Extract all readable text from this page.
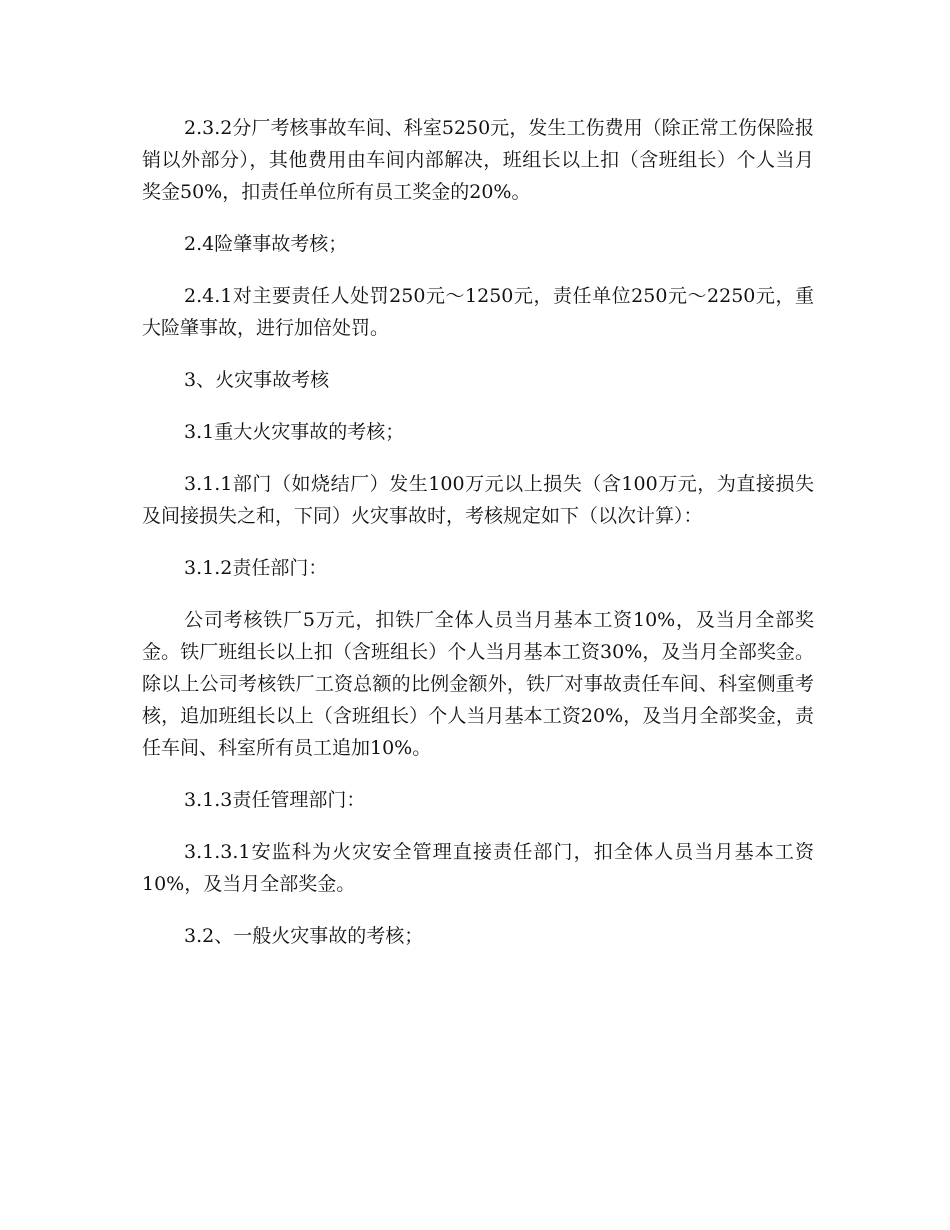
2.3.2分厂考核事故车间、科室5250元，发生工伤费用（除正常工伤保险报销以外部分），其他费用由车间内部解决，班组长以上扣（含班组长）个人当月奖金50%，扣责任单位所有员工奖金的20%。

2.4险肇事故考核；

2.4.1对主要责任人处罚250元～1250元，责任单位250元～2250元，重大险肇事故，进行加倍处罚。

3、火灾事故考核

3.1重大火灾事故的考核；

3.1.1部门（如烧结厂）发生100万元以上损失（含100万元，为直接损失及间接损失之和，下同）火灾事故时，考核规定如下（以次计算）：

3.1.2责任部门：

公司考核铁厂5万元，扣铁厂全体人员当月基本工资10%，及当月全部奖金。铁厂班组长以上扣（含班组长）个人当月基本工资30%，及当月全部奖金。除以上公司考核铁厂工资总额的比例金额外，铁厂对事故责任车间、科室侧重考核，追加班组长以上（含班组长）个人当月基本工资20%，及当月全部奖金，责任车间、科室所有员工追加10%。

3.1.3责任管理部门：

3.1.3.1安监科为火灾安全管理直接责任部门，扣全体人员当月基本工资10%，及当月全部奖金。

3.2、一般火灾事故的考核；
